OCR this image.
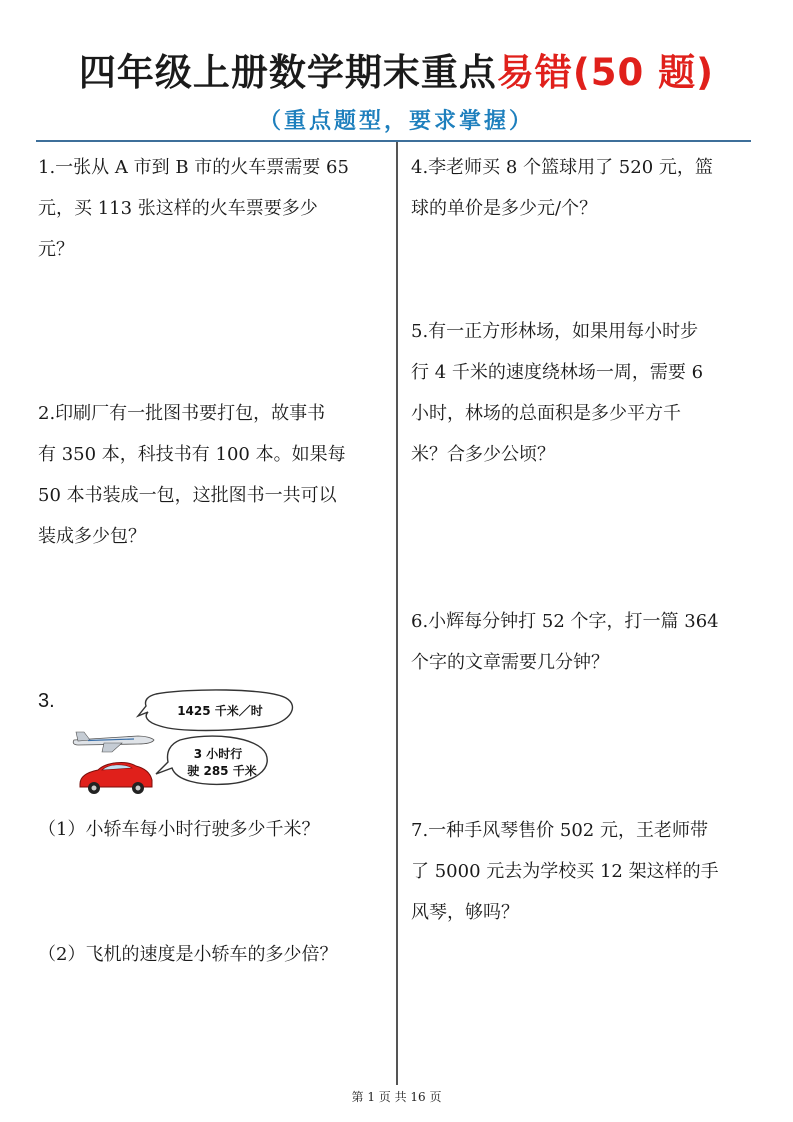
四年级上册数学期末重点易错(50 题)
（重点题型，要求掌握）
1.一张从 A 市到 B 市的火车票需要 65
元，买 113 张这样的火车票要多少
元？
2.印刷厂有一批图书要打包，故事书
有 350 本，科技书有 100 本。如果每
50 本书装成一包，这批图书一共可以
装成多少包？
3.	1425 千米／时
3 小时行
驶 285 千米
（1）小轿车每小时行驶多少千米？
（2）飞机的速度是小轿车的多少倍？
4.李老师买 8 个篮球用了 520 元，篮
球的单价是多少元/个？
5.有一正方形林场，如果用每小时步
行 4 千米的速度绕林场一周，需要 6
小时，林场的总面积是多少平方千
米？合多少公顷？
6.小辉每分钟打 52 个字，打一篇 364
个字的文章需要几分钟？
7.一种手风琴售价 502 元，王老师带
了 5000 元去为学校买 12 架这样的手
风琴，够吗？
第 1 页 共 16 页
